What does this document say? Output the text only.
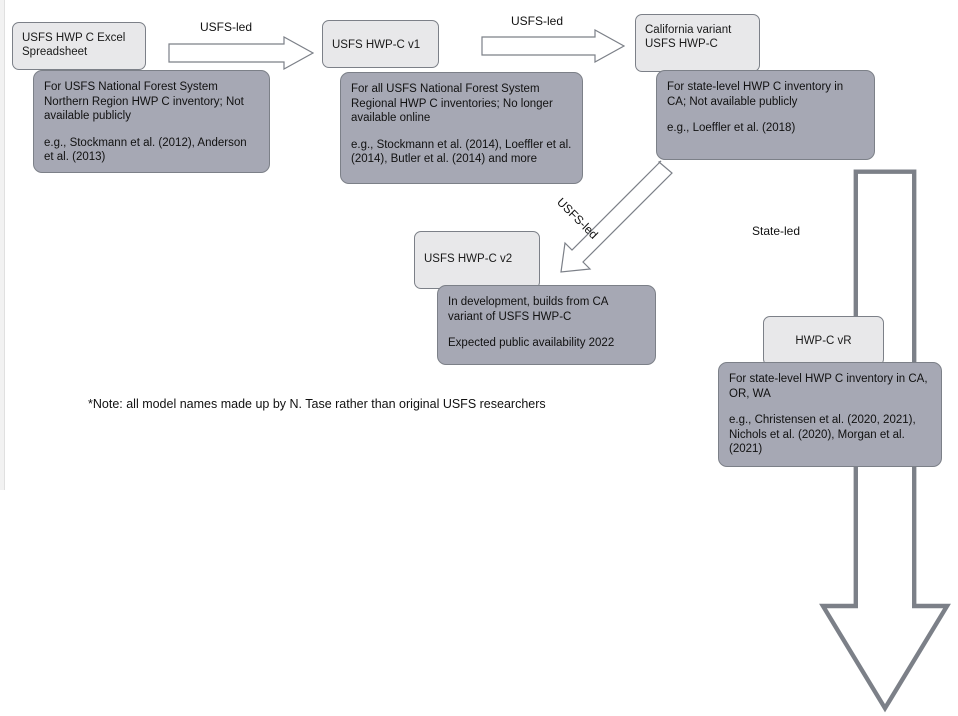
USFS-led	USFS-led
USFS-led	State-led
USFS HWP C Excel Spreadsheet

For USFS National Forest System Northern Region HWP C inventory; Not available publicly

e.g., Stockmann et al. (2012), Anderson et al. (2013)

USFS HWP-C v1

For all USFS National Forest System Regional HWP C inventories; No longer available online

e.g., Stockmann et al. (2014), Loeffler et al. (2014), Butler et al. (2014) and more

California variant USFS HWP-C

For state-level HWP C inventory in CA; Not available publicly

e.g., Loeffler et al. (2018)

USFS HWP-C v2

In development, builds from CA variant of USFS HWP-C

Expected public availability 2022	HWP-C vR

For state-level HWP C inventory in CA, OR, WA

e.g., Christensen et al. (2020, 2021), Nichols et al. (2020), Morgan et al. (2021)

*Note: all model names made up by N. Tase rather than original USFS researchers
